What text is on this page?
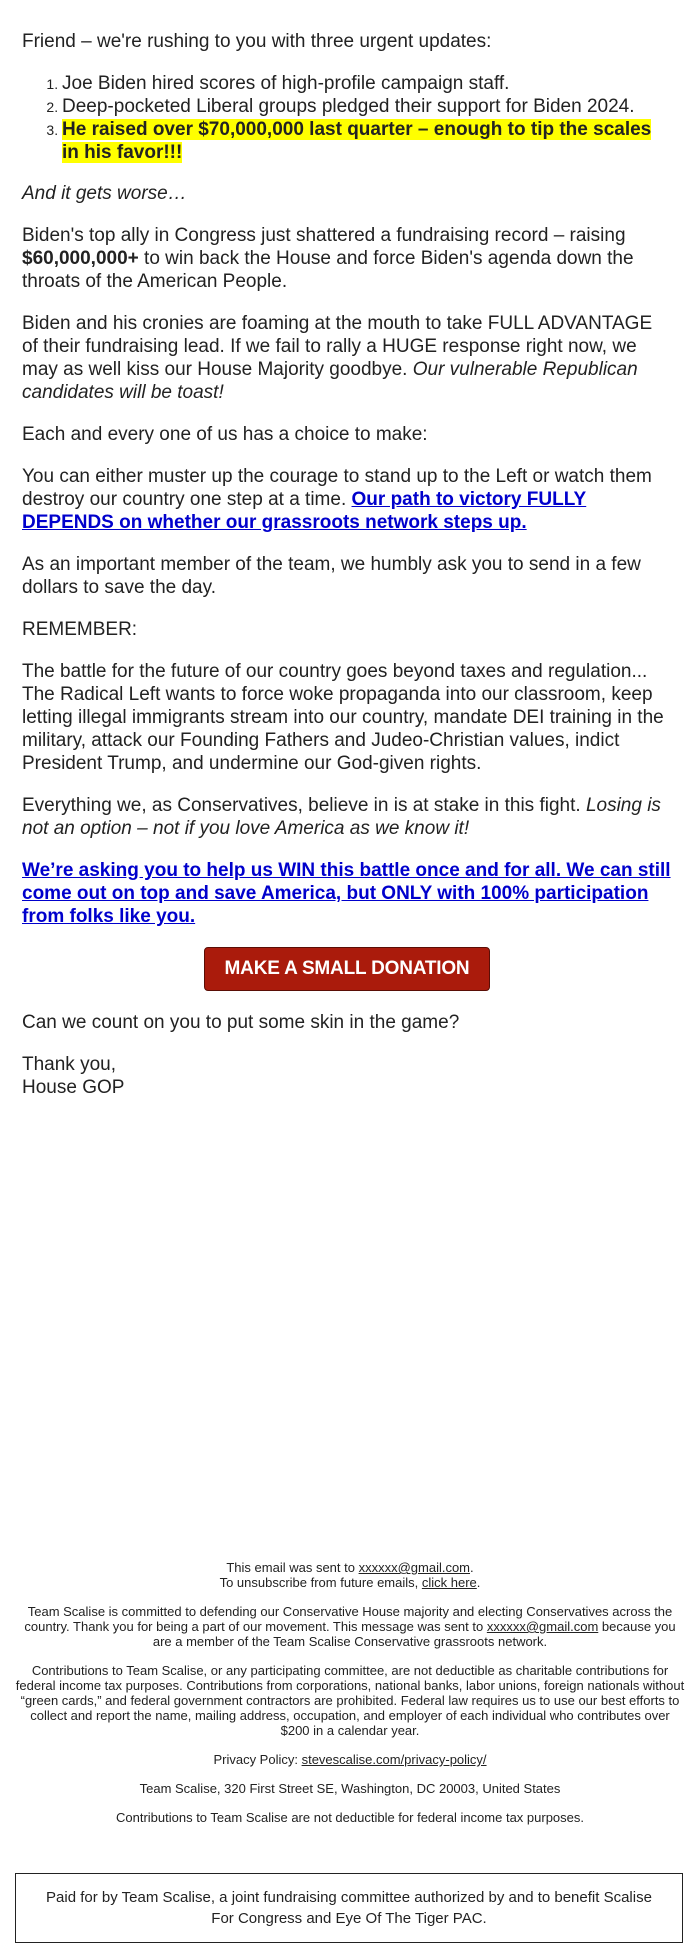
Friend – we're rushing to you with three urgent updates:

1. Joe Biden hired scores of high-profile campaign staff.
2. Deep-pocketed Liberal groups pledged their support for Biden 2024.
3. He raised over $70,000,000 last quarter – enough to tip the scales in his favor!!!

And it gets worse…

Biden's top ally in Congress just shattered a fundraising record – raising $60,000,000+ to win back the House and force Biden's agenda down the throats of the American People.

Biden and his cronies are foaming at the mouth to take FULL ADVANTAGE of their fundraising lead. If we fail to rally a HUGE response right now, we may as well kiss our House Majority goodbye. Our vulnerable Republican candidates will be toast!

Each and every one of us has a choice to make:

You can either muster up the courage to stand up to the Left or watch them destroy our country one step at a time. Our path to victory FULLY DEPENDS on whether our grassroots network steps up.

As an important member of the team, we humbly ask you to send in a few dollars to save the day.

REMEMBER:

The battle for the future of our country goes beyond taxes and regulation... The Radical Left wants to force woke propaganda into our classroom, keep letting illegal immigrants stream into our country, mandate DEI training in the military, attack our Founding Fathers and Judeo-Christian values, indict President Trump, and undermine our God-given rights.

Everything we, as Conservatives, believe in is at stake in this fight. Losing is not an option – not if you love America as we know it!

We’re asking you to help us WIN this battle once and for all. We can still come out on top and save America, but ONLY with 100% participation from folks like you.

MAKE A SMALL DONATION

Can we count on you to put some skin in the game?

Thank you,
House GOP

This email was sent to xxxxxx@gmail.com.
To unsubscribe from future emails, click here.

Team Scalise is committed to defending our Conservative House majority and electing Conservatives across the country. Thank you for being a part of our movement. This message was sent to xxxxxx@gmail.com because you are a member of the Team Scalise Conservative grassroots network.

Contributions to Team Scalise, or any participating committee, are not deductible as charitable contributions for federal income tax purposes. Contributions from corporations, national banks, labor unions, foreign nationals without “green cards,” and federal government contractors are prohibited. Federal law requires us to use our best efforts to collect and report the name, mailing address, occupation, and employer of each individual who contributes over $200 in a calendar year.

Privacy Policy: stevescalise.com/privacy-policy/

Team Scalise, 320 First Street SE, Washington, DC 20003, United States

Contributions to Team Scalise are not deductible for federal income tax purposes.

Paid for by Team Scalise, a joint fundraising committee authorized by and to benefit Scalise For Congress and Eye Of The Tiger PAC.
